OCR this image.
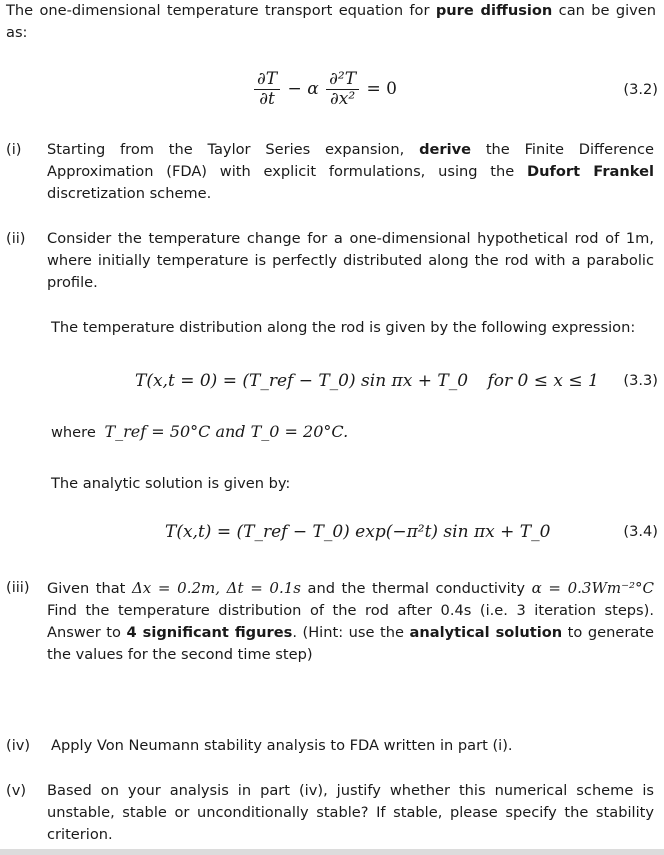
The one-dimensional temperature transport equation for pure diffusion can be given as:
$\frac{\partial T}{\partial t} - \alpha \frac{\text{∂²T}}{\text{∂x²}} = 0$	(3.2)
(i) Starting from the Taylor Series expansion, derive the Finite Difference Approximation (FDA) with explicit formulations, using the Dufort Frankel discretization scheme.
(ii) Consider the temperature change for a one-dimensional hypothetical rod of 1m, where initially temperature is perfectly distributed along the rod with a parabolic profile.
The temperature distribution along the rod is given by the following expression:
T(x,t = 0) = (T_ref − T_0) sin πx + T_0 for 0 ≤ x ≤ 1 (3.3)
where T_ref = 50°C and T_0 = 20°C.
The analytic solution is given by:
T(x,t) = (T_ref − T_0) exp(−π²t) sin πx + T_0	(3.4)
(iii) Given that Δx = 0.2m, Δt = 0.1s and the thermal conductivity α = 0.3Wm⁻²°C Find the temperature distribution of the rod after 0.4s (i.e. 3 iteration steps). Answer to 4 significant figures. (Hint: use the analytical solution to generate the values for the second time step)
(iv) Apply Von Neumann stability analysis to FDA written in part (i).
(v) Based on your analysis in part (iv), justify whether this numerical scheme is unstable, stable or unconditionally stable? If stable, please specify the stability criterion.
